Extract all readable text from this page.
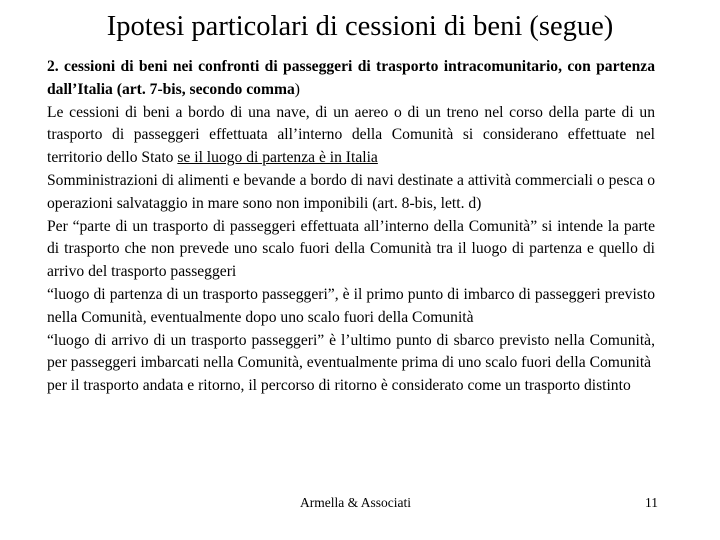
Ipotesi particolari di cessioni di beni (segue)

2. cessioni di beni nei confronti di passeggeri di trasporto intracomunitario, con partenza dall’Italia (art. 7-bis, secondo comma)

Le cessioni di beni a bordo di una nave, di un aereo o di un treno nel corso della parte di un trasporto di passeggeri effettuata all’interno della Comunità si considerano effettuate nel territorio dello Stato se il luogo di partenza è in Italia

Somministrazioni di alimenti e bevande a bordo di navi destinate a attività commerciali o pesca o operazioni salvataggio in mare sono non imponibili (art. 8-bis, lett. d)

Per “parte di un trasporto di passeggeri effettuata all’interno della Comunità” si intende la parte di trasporto che non prevede uno scalo fuori della Comunità tra il luogo di partenza e quello di arrivo del trasporto passeggeri

“luogo di partenza di un trasporto passeggeri”, è il primo punto di imbarco di passeggeri previsto nella Comunità, eventualmente dopo uno scalo fuori della Comunità

“luogo di arrivo di un trasporto passeggeri” è l’ultimo punto di sbarco previsto nella Comunità, per passeggeri imbarcati nella Comunità, eventualmente prima di uno scalo fuori della Comunità

per il trasporto andata e ritorno, il percorso di ritorno è considerato come un trasporto distinto

Armella & Associati	11
